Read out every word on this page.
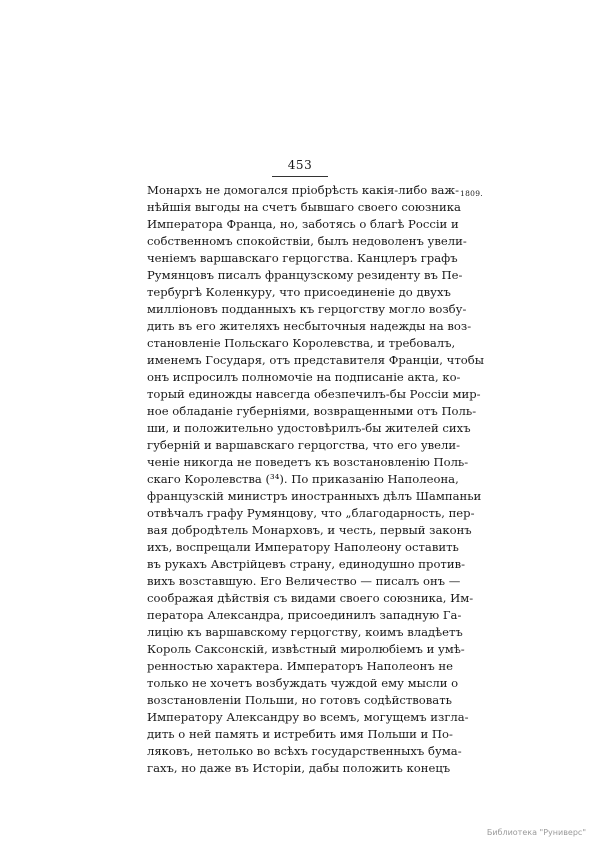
453
1809.
Монархъ не домогался пріобрѣсть какія-либо важ-
нѣйшія выгоды на счетъ бывшаго своего союзника
Императора Франца, но, заботясь о благѣ Россіи и
собственномъ спокойствіи, былъ недоволенъ увели-
ченіемъ варшавскаго герцогства. Канцлеръ графъ
Румянцовъ писалъ французскому резиденту въ Пе-
тербургѣ Коленкуру, что присоединеніе до двухъ
милліоновъ подданныхъ къ герцогству могло возбу-
дить въ его жителяхъ несбыточныя надежды на воз-
становленіе Польскаго Королевства, и требовалъ,
именемъ Государя, отъ представителя Франціи, чтобы
онъ испросилъ полномочіе на подписаніе акта, ко-
торый единожды навсегда обезпечилъ-бы Россіи мир-
ное обладаніе губерніями, возвращенными отъ Поль-
ши, и положительно удостовѣрилъ-бы жителей сихъ
губерній и варшавскаго герцогства, что его увели-
ченіе никогда не поведетъ къ возстановленію Поль-
скаго Королевства (³⁴). По приказанію Наполеона,
французскій министръ иностранныхъ дѣлъ Шампаньи
отвѣчалъ графу Румянцову, что „благодарность, пер-
вая добродѣтель Монарховъ, и честь, первый законъ
ихъ, воспрещали Императору Наполеону оставить
въ рукахъ Австрійцевъ страну, единодушно против-
вихъ возставшую. Его Величество — писалъ онъ —
соображая дѣйствія съ видами своего союзника, Им-
ператора Александра, присоединилъ западную Га-
лицію къ варшавскому герцогству, коимъ владѣетъ
Король Саксонскій, извѣстный миролюбіемъ и умѣ-
ренностью характера. Императоръ Наполеонъ не
только не хочетъ возбуждать чуждой ему мысли о
возстановленіи Польши, но готовъ содѣйствовать
Императору Александру во всемъ, могущемъ изгла-
дить о ней память и истребить имя Польши и По-
ляковъ, нетолько во всѣхъ государственныхъ бума-
гахъ, но даже въ Исторіи, дабы положить конецъ
Библиотека "Руниверс"
